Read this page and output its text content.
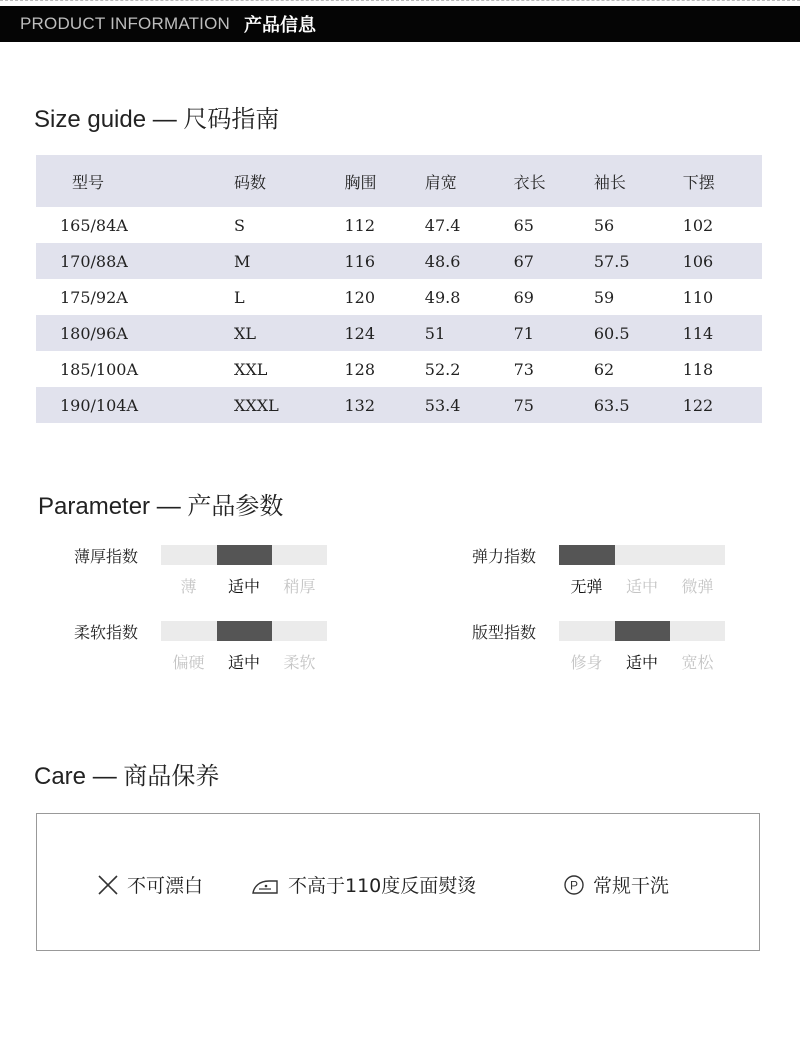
PRODUCT INFORMATION 产品信息
Size guide — 尺码指南
型号	码数	胸围	肩宽	衣长	袖长	下摆
165/84A	S	112	47.4	65	56	102
170/88A	M	116	48.6	67	57.5	106
175/92A	L	120	49.8	69	59	110
180/96A	XL	124	51	71	60.5	114
185/100A	XXL	128	52.2	73	62	118
190/104A	XXXL	132	53.4	75	63.5	122
Parameter — 产品参数
薄厚指数
薄	适中	稍厚
弹力指数
无弹	适中	微弹
柔软指数
偏硬	适中	柔软
版型指数
修身	适中	宽松
Care — 商品保养
不可漂白	不高于110度反面熨烫	P 常规干洗
